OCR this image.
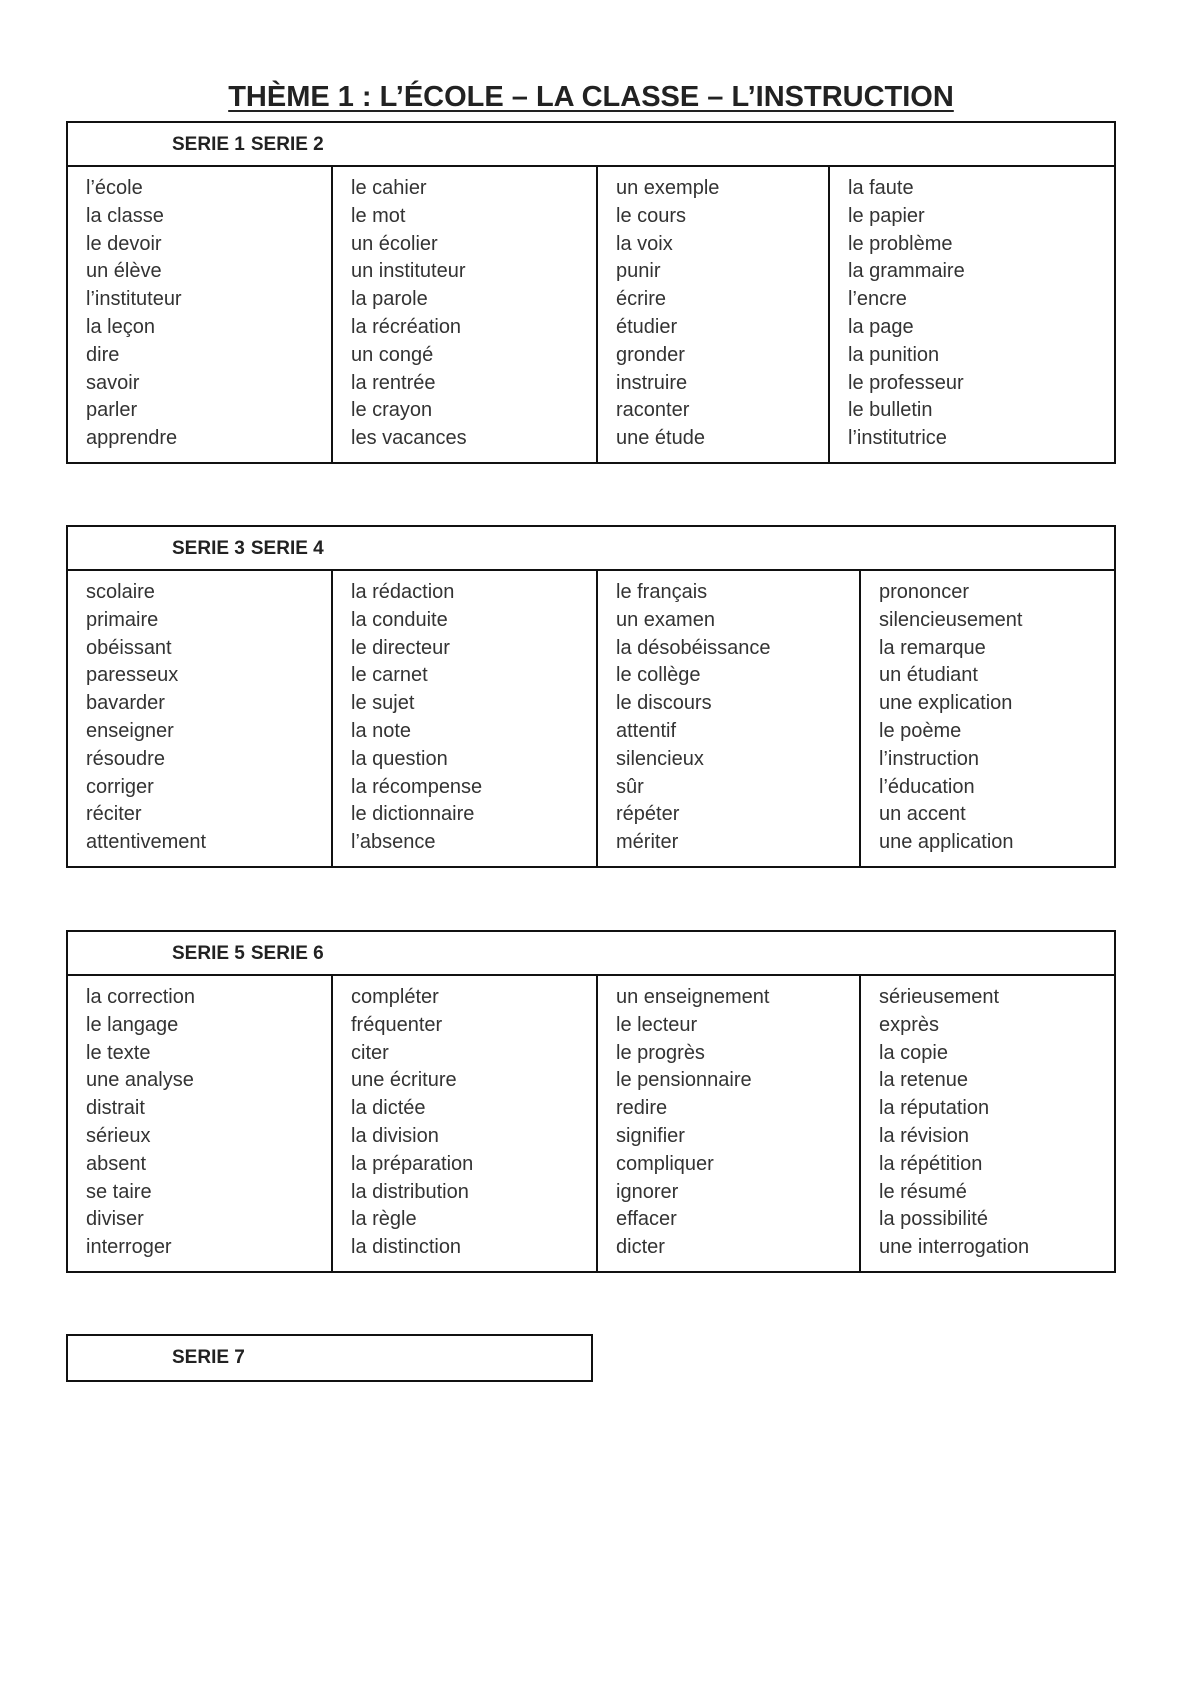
THÈME 1 : L’ÉCOLE – LA CLASSE – L’INSTRUCTION
SERIE 1 SERIE 2
l’école
la classe
le devoir
un élève
l’instituteur
la leçon
dire
savoir
parler
apprendre
le cahier
le mot
un écolier
un instituteur
la parole
la récréation
un congé
la rentrée
le crayon
les vacances
un exemple
le cours
la voix
punir
écrire
étudier
gronder
instruire
raconter
une étude
la faute
le papier
le problème
la grammaire
l’encre
la page
la punition
le professeur
le bulletin
l’institutrice
SERIE 3 SERIE 4
scolaire
primaire
obéissant
paresseux
bavarder
enseigner
résoudre
corriger
réciter
attentivement
la rédaction
la conduite
le directeur
le carnet
le sujet
la note
la question
la récompense
le dictionnaire
l’absence
le français
un examen
la désobéissance
le collège
le discours
attentif
silencieux
sûr
répéter
mériter
prononcer
silencieusement
la remarque
un étudiant
une explication
le poème
l’instruction
l’éducation
un accent
une application
SERIE 5 SERIE 6
la correction
le langage
le texte
une analyse
distrait
sérieux
absent
se taire
diviser
interroger
compléter
fréquenter
citer
une écriture
la dictée
la division
la préparation
la distribution
la règle
la distinction
un enseignement
le lecteur
le progrès
le pensionnaire
redire
signifier
compliquer
ignorer
effacer
dicter
sérieusement
exprès
la copie
la retenue
la réputation
la révision
la répétition
le résumé
la possibilité
une interrogation
SERIE 7
